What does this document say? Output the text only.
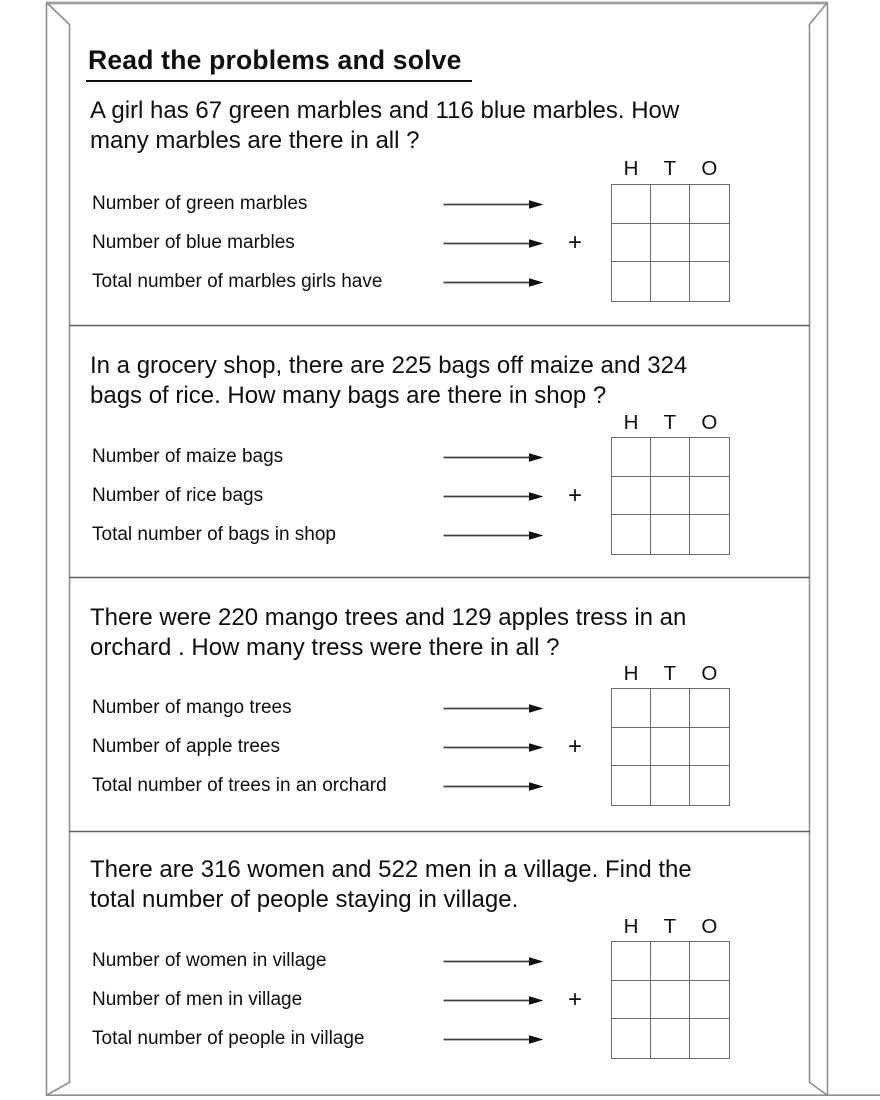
Read the problems and solve
A girl has 67 green marbles and 116 blue marbles. How
many marbles are there in all ?
H T O
Number of green marbles
Number of blue marbles	+
Total number of marbles girls have
In a grocery shop, there are 225 bags off maize and 324
bags of rice. How many bags are there in shop ?
H T O
Number of maize bags
Number of rice bags	+
Total number of bags in shop
There were 220 mango trees and 129 apples tress in an
orchard . How many tress were there in all ?
H T O
Number of mango trees
Number of apple trees	+
Total number of trees in an orchard
There are 316 women and 522 men in a village. Find the
total number of people staying in village.
H T O
Number of women in village
Number of men in village	+
Total number of people in village
